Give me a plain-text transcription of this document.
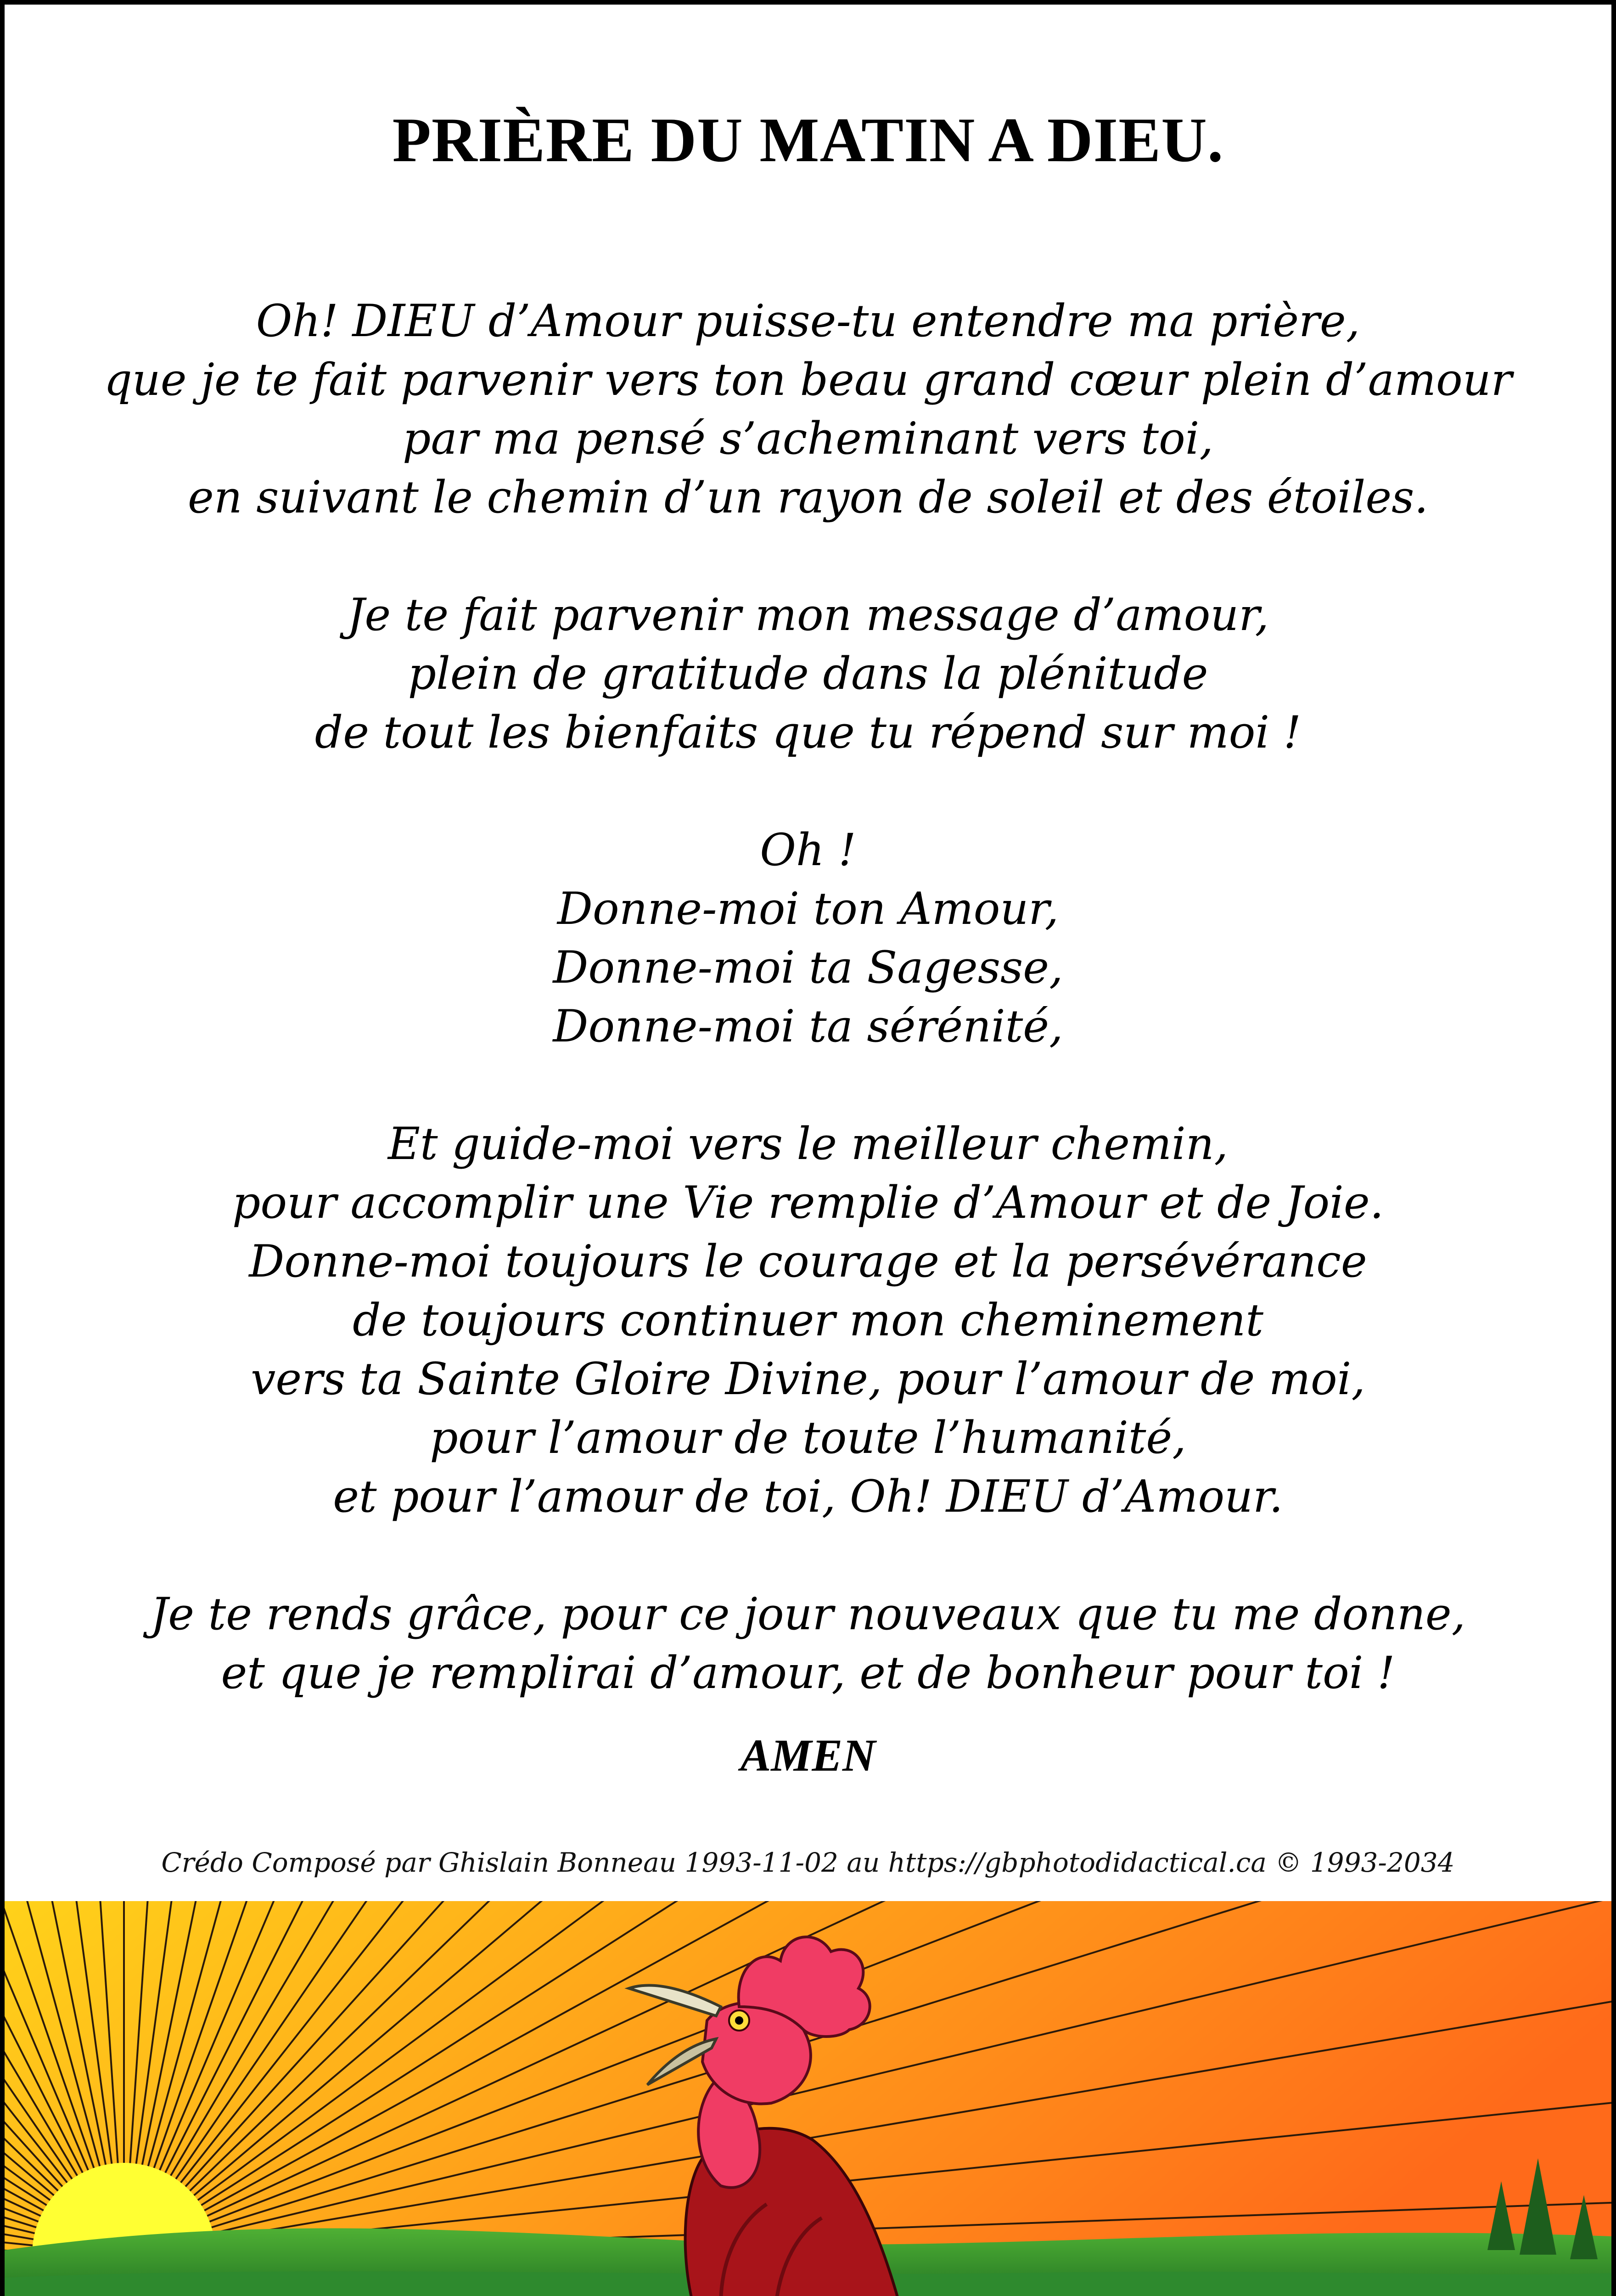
PRIÈRE DU MATIN A DIEU.

Oh! DIEU d’Amour puisse-tu entendre ma prière,
que je te fait parvenir vers ton beau grand cœur plein d’amour
par ma pensé s’acheminant vers toi,
en suivant le chemin d’un rayon de soleil et des étoiles.

Je te fait parvenir mon message d’amour,
plein de gratitude dans la plénitude
de tout les bienfaits que tu répend sur moi !

Oh !
Donne-moi ton Amour,
Donne-moi ta Sagesse,
Donne-moi ta sérénité,

Et guide-moi vers le meilleur chemin,
pour accomplir une Vie remplie d’Amour et de Joie.
Donne-moi toujours le courage et la persévérance
de toujours continuer mon cheminement
vers ta Sainte Gloire Divine, pour l’amour de moi,
pour l’amour de toute l’humanité,
et pour l’amour de toi, Oh! DIEU d’Amour.

Je te rends grâce, pour ce jour nouveaux que tu me donne,
et que je remplirai d’amour, et de bonheur pour toi !

AMEN
Crédo Composé par Ghislain Bonneau 1993-11-02 au https://gbphotodidactical.ca © 1993-2034
